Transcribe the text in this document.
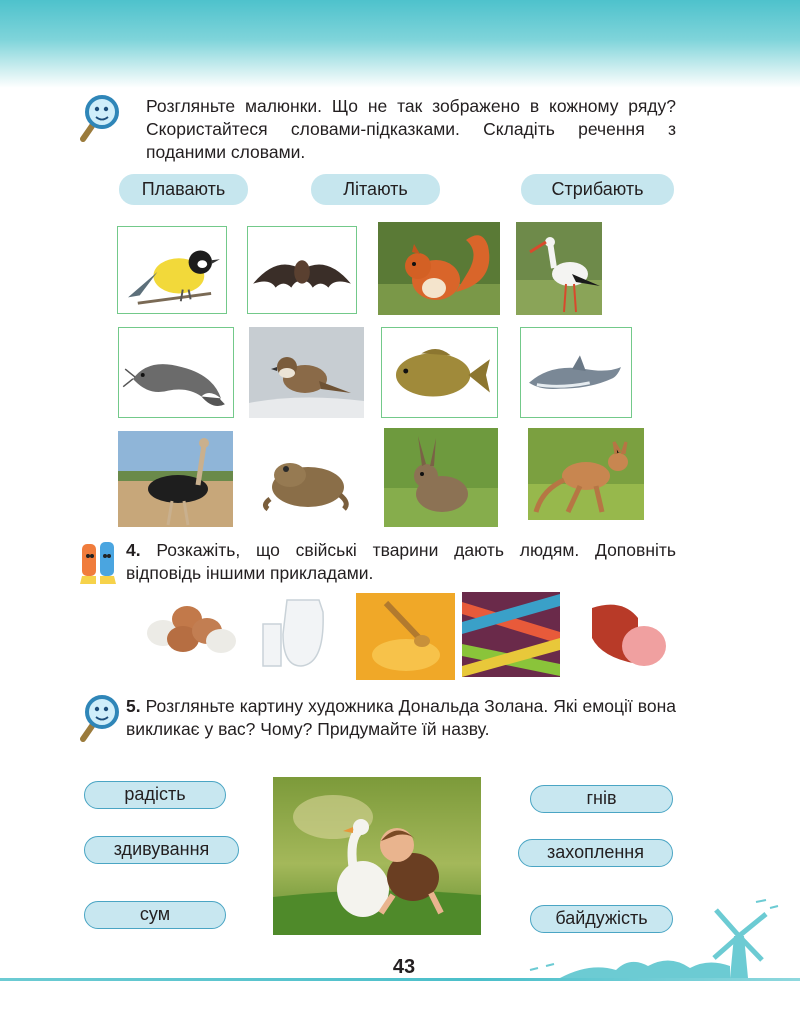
Розгляньте малюнки. Що не так зображено в кожному ряду? Скористайтеся словами-підказками. Складіть речення з поданими словами.
Плавають	Літають	Стрибають
4. Розкажіть, що свійські тварини дають людям. Доповніть відповідь іншими прикладами.
5. Розгляньте картину художника Дональда Золана. Які емоції вона викликає у вас? Чому? Придумайте їй назву.
радість
здивування
сум
гнів
захоплення
байдужість
43
